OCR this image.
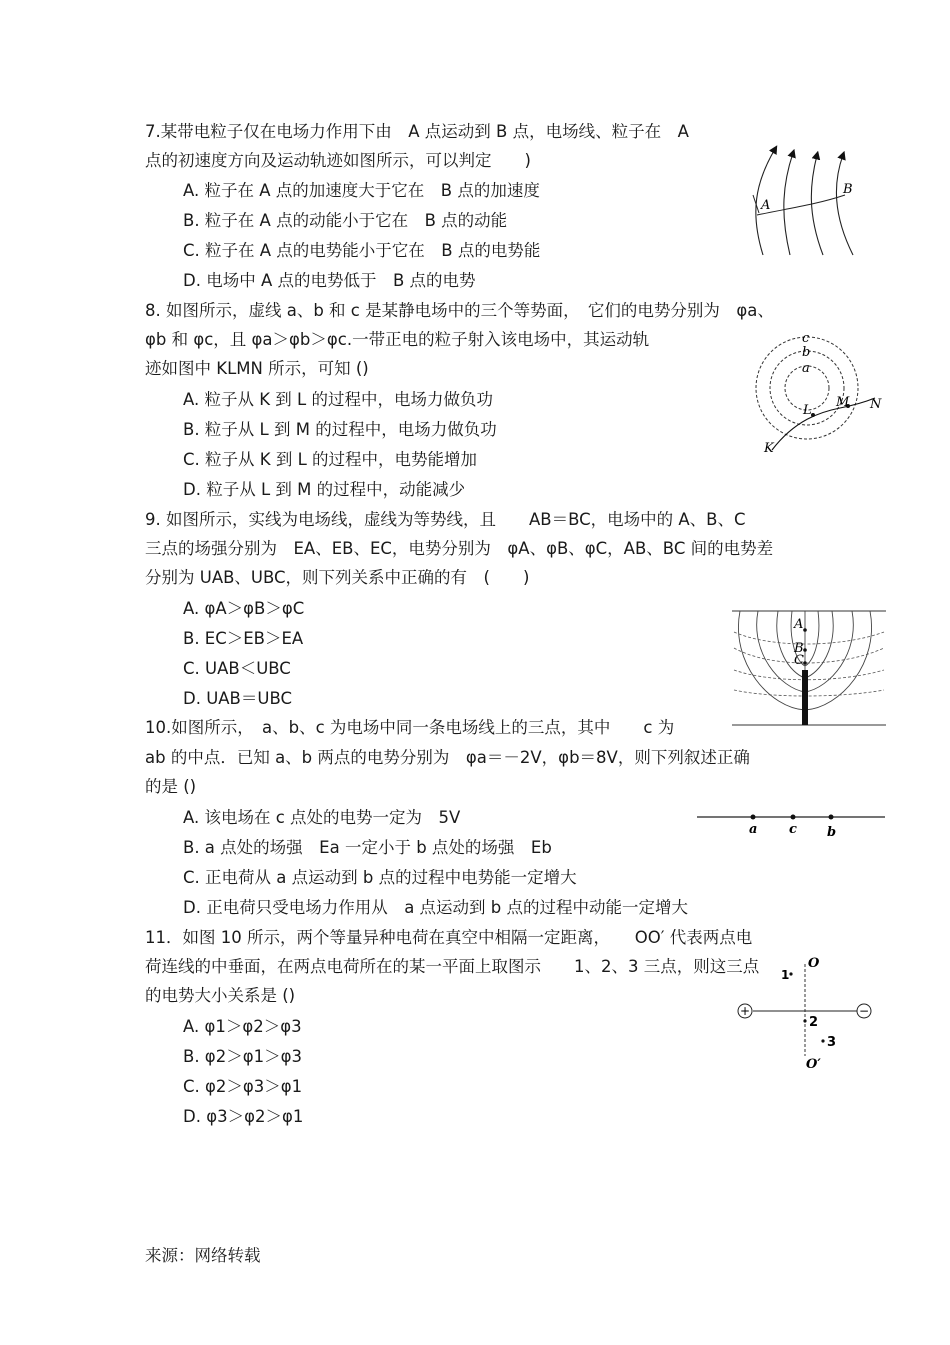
7.某带电粒子仅在电场力作用下由　A 点运动到 B 点，电场线、粒子在　A
点的初速度方向及运动轨迹如图所示，可以判定　　)
A. 粒子在 A 点的加速度大于它在　B 点的加速度
B. 粒子在 A 点的动能小于它在　B 点的动能
C. 粒子在 A 点的电势能小于它在　B 点的电势能
D. 电场中 A 点的电势低于　B 点的电势
A
B
8. 如图所示，虚线 a、b 和 c 是某静电场中的三个等势面，　它们的电势分别为　φa、
φb 和 φc，且 φa＞φb＞φc.一带正电的粒子射入该电场中，其运动轨
迹如图中 KLMN 所示，可知 ()
A. 粒子从 K 到 L 的过程中，电场力做负功
B. 粒子从 L 到 M 的过程中，电场力做负功
C. 粒子从 K 到 L 的过程中，电势能增加
D. 粒子从 L 到 M 的过程中，动能减少
c
b
a
L
M N
K
9. 如图所示，实线为电场线，虚线为等势线，且　　AB＝BC，电场中的 A、B、C
三点的场强分别为　EA、EB、EC，电势分别为　φA、φB、φC，AB、BC 间的电势差
分别为 UAB、UBC，则下列关系中正确的有　(　　)
A. φA＞φB＞φC
B. EC＞EB＞EA
C. UAB＜UBC
D. UAB＝UBC
A
B
C
10.如图所示，　a、b、c 为电场中同一条电场线上的三点，其中　　c 为
ab 的中点．已知 a、b 两点的电势分别为　φa＝－2V，φb＝8V，则下列叙述正确
的是 ()
A. 该电场在 c 点处的电势一定为　5V
B. a 点处的场强　Ea 一定小于 b 点处的场强　Eb
C. 正电荷从 a 点运动到 b 点的过程中电势能一定增大
D. 正电荷只受电场力作用从　a 点运动到 b 点的过程中动能一定增大
a c b
11．如图 10 所示，两个等量异种电荷在真空中相隔一定距离，　　OO′ 代表两点电
荷连线的中垂面，在两点电荷所在的某一平面上取图示　　1、2、3 三点，则这三点
的电势大小关系是 ()
A. φ1＞φ2＞φ3
B. φ2＞φ1＞φ3
C. φ2＞φ3＞φ1
D. φ3＞φ2＞φ1
+	−
O
1
2
3
O′
来源：网络转载
